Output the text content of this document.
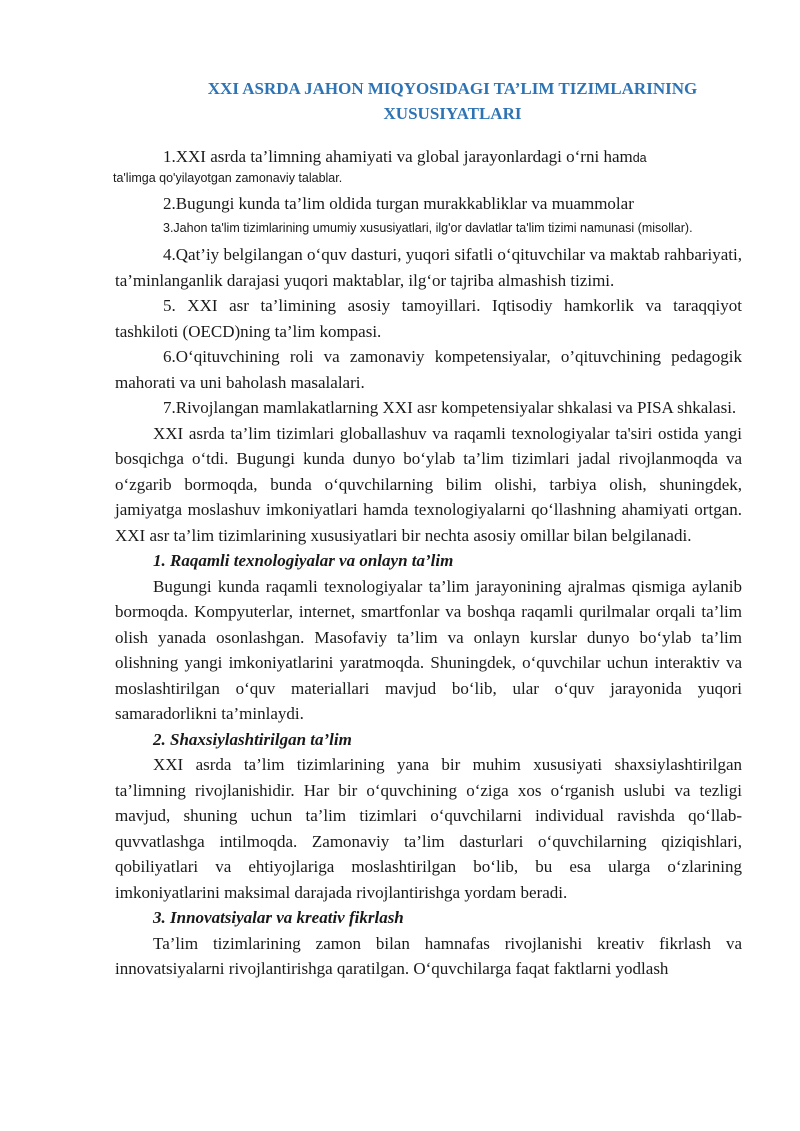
XXI ASRDA JAHON MIQYOSIDAGI TA’LIM TIZIMLARINING XUSUSIYATLARI

1.XXI asrda ta’limning ahamiyati va global jarayonlardagi o‘rni hamda

ta'limga qo'yilayotgan zamonaviy talablar.

2.Bugungi kunda ta’lim oldida turgan murakkabliklar va muammolar

3.Jahon ta'lim tizimlarining umumiy xususiyatlari, ilg'or davlatlar ta'lim tizimi namunasi (misollar).

4.Qat’iy belgilangan o‘quv dasturi, yuqori sifatli o‘qituvchilar va maktab rahbariyati, ta’minlanganlik darajasi yuqori maktablar, ilg‘or tajriba almashish tizimi.

5. XXI asr ta’limining asosiy tamoyillari. Iqtisodiy hamkorlik va taraqqiyot tashkiloti (OECD)ning ta’lim kompasi.

6.O‘qituvchining roli va zamonaviy kompetensiyalar, o’qituvchining pedagogik mahorati va uni baholash masalalari.

7.Rivojlangan mamlakatlarning XXI asr kompetensiyalar shkalasi va PISA shkalasi.

XXI asrda ta’lim tizimlari globallashuv va raqamli texnologiyalar ta'siri ostida yangi bosqichga o‘tdi. Bugungi kunda dunyo bo‘ylab ta’lim tizimlari jadal rivojlanmoqda va o‘zgarib bormoqda, bunda o‘quvchilarning bilim olishi, tarbiya olish, shuningdek, jamiyatga moslashuv imkoniyatlari hamda texnologiyalarni qo‘llashning ahamiyati ortgan. XXI asr ta’lim tizimlarining xususiyatlari bir nechta asosiy omillar bilan belgilanadi.

1. Raqamli texnologiyalar va onlayn ta’lim

Bugungi kunda raqamli texnologiyalar ta’lim jarayonining ajralmas qismiga aylanib bormoqda. Kompyuterlar, internet, smartfonlar va boshqa raqamli qurilmalar orqali ta’lim olish yanada osonlashgan. Masofaviy ta’lim va onlayn kurslar dunyo bo‘ylab ta’lim olishning yangi imkoniyatlarini yaratmoqda. Shuningdek, o‘quvchilar uchun interaktiv va moslashtirilgan o‘quv materiallari mavjud bo‘lib, ular o‘quv jarayonida yuqori samaradorlikni ta’minlaydi.

2. Shaxsiylashtirilgan ta’lim

XXI asrda ta’lim tizimlarining yana bir muhim xususiyati shaxsiylashtirilgan ta’limning rivojlanishidir. Har bir o‘quvchining o‘ziga xos o‘rganish uslubi va tezligi mavjud, shuning uchun ta’lim tizimlari o‘quvchilarni individual ravishda qo‘llab-quvvatlashga intilmoqda. Zamonaviy ta’lim dasturlari o‘quvchilarning qiziqishlari, qobiliyatlari va ehtiyojlariga moslashtirilgan bo‘lib, bu esa ularga o‘zlarining imkoniyatlarini maksimal darajada rivojlantirishga yordam beradi.

3. Innovatsiyalar va kreativ fikrlash

Ta’lim tizimlarining zamon bilan hamnafas rivojlanishi kreativ fikrlash va innovatsiyalarni rivojlantirishga qaratilgan. O‘quvchilarga faqat faktlarni yodlash
